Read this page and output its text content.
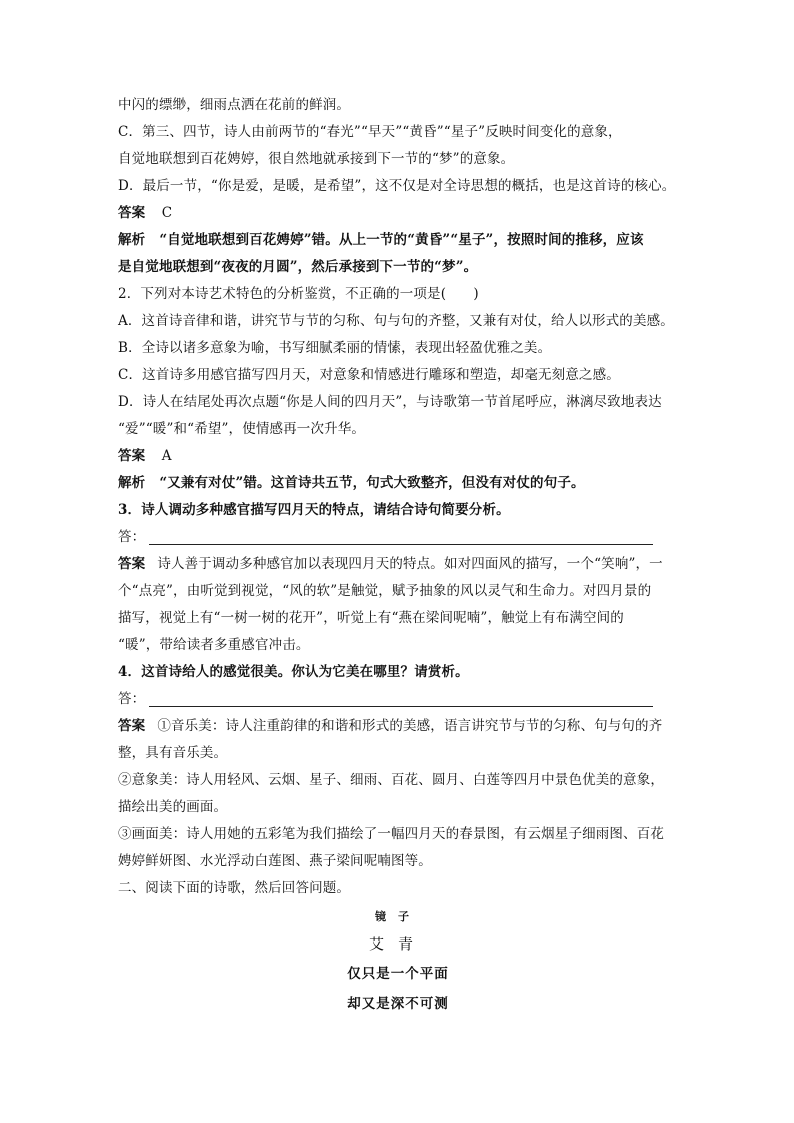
中闪的缥缈，细雨点洒在花前的鲜润。
C．第三、四节，诗人由前两节的“春光”“早天”“黄昏”“星子”反映时间变化的意象，
自觉地联想到百花娉婷，很自然地就承接到下一节的“梦”的意象。
D．最后一节，“你是爱，是暖，是希望”，这不仅是对全诗思想的概括，也是这首诗的核心。
答案 C
解析 “自觉地联想到百花娉婷”错。从上一节的“黄昏”“星子”，按照时间的推移，应该
是自觉地联想到“夜夜的月圆”，然后承接到下一节的“梦”。
2．下列对本诗艺术特色的分析鉴赏，不正确的一项是(　　)
A．这首诗音律和谐，讲究节与节的匀称、句与句的齐整，又兼有对仗，给人以形式的美感。
B．全诗以诸多意象为喻，书写细腻柔丽的情愫，表现出轻盈优雅之美。
C．这首诗多用感官描写四月天，对意象和情感进行雕琢和塑造，却毫无刻意之感。
D．诗人在结尾处再次点题“你是人间的四月天”，与诗歌第一节首尾呼应，淋漓尽致地表达
“爱”“暖”和“希望”，使情感再一次升华。
答案 A
解析 “又兼有对仗”错。这首诗共五节，句式大致整齐，但没有对仗的句子。
3．诗人调动多种感官描写四月天的特点，请结合诗句简要分析。
答：
答案 诗人善于调动多种感官加以表现四月天的特点。如对四面风的描写，一个“笑响”，一
个“点亮”，由听觉到视觉，“风的软”是触觉，赋予抽象的风以灵气和生命力。对四月景的
描写，视觉上有“一树一树的花开”，听觉上有“燕在梁间呢喃”，触觉上有布满空间的
“暖”，带给读者多重感官冲击。
4．这首诗给人的感觉很美。你认为它美在哪里？请赏析。
答：
答案 ①音乐美：诗人注重韵律的和谐和形式的美感，语言讲究节与节的匀称、句与句的齐
整，具有音乐美。
②意象美：诗人用轻风、云烟、星子、细雨、百花、圆月、白莲等四月中景色优美的意象，
描绘出美的画面。
③画面美：诗人用她的五彩笔为我们描绘了一幅四月天的春景图，有云烟星子细雨图、百花
娉婷鲜妍图、水光浮动白莲图、燕子梁间呢喃图等。
二、阅读下面的诗歌，然后回答问题。
镜子
艾青
仅只是一个平面
却又是深不可测
